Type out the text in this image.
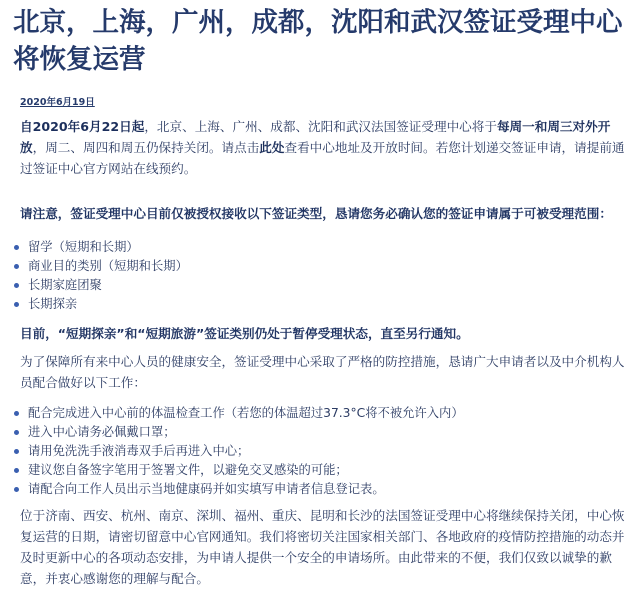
北京，上海，广州，成都，沈阳和武汉签证受理中心将恢复运营
2020年6月19日

自2020年6月22日起，北京、上海、广州、成都、沈阳和武汉法国签证受理中心将于每周一和周三对外开放，周二、周四和周五仍保持关闭。请点击此处查看中心地址及开放时间。若您计划递交签证申请，请提前通过签证中心官方网站在线预约。

请注意，签证受理中心目前仅被授权接收以下签证类型，恳请您务必确认您的签证申请属于可被受理范围：

留学（短期和长期）
商业目的类别（短期和长期）
长期家庭团聚
长期探亲

目前，“短期探亲”和“短期旅游”签证类别仍处于暂停受理状态，直至另行通知。

为了保障所有来中心人员的健康安全，签证受理中心采取了严格的防控措施，恳请广大申请者以及中介机构人员配合做好以下工作：

配合完成进入中心前的体温检查工作（若您的体温超过37.3°C将不被允许入内）
进入中心请务必佩戴口罩；
请用免洗洗手液消毒双手后再进入中心；
建议您自备签字笔用于签署文件，以避免交叉感染的可能；
请配合向工作人员出示当地健康码并如实填写申请者信息登记表。

位于济南、西安、杭州、南京、深圳、福州、重庆、昆明和长沙的法国签证受理中心将继续保持关闭，中心恢复运营的日期，请密切留意中心官网通知。我们将密切关注国家相关部门、各地政府的疫情防控措施的动态并及时更新中心的各项动态安排，为申请人提供一个安全的申请场所。由此带来的不便，我们仅致以诚挚的歉意，并衷心感谢您的理解与配合。
